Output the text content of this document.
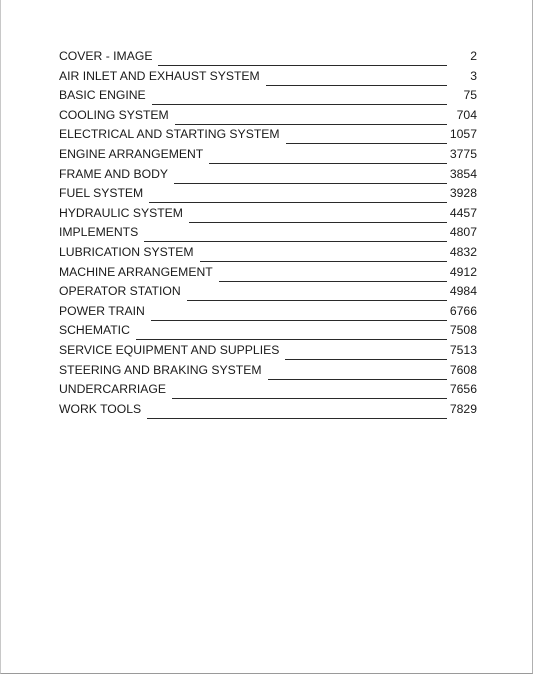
COVER - IMAGE	2
AIR INLET AND EXHAUST SYSTEM	3
BASIC ENGINE	75
COOLING SYSTEM	704
ELECTRICAL AND STARTING SYSTEM	1057
ENGINE ARRANGEMENT	3775
FRAME AND BODY	3854
FUEL SYSTEM	3928
HYDRAULIC SYSTEM	4457
IMPLEMENTS	4807
LUBRICATION SYSTEM	4832
MACHINE ARRANGEMENT	4912
OPERATOR STATION	4984
POWER TRAIN	6766
SCHEMATIC	7508
SERVICE EQUIPMENT AND SUPPLIES	7513
STEERING AND BRAKING SYSTEM	7608
UNDERCARRIAGE	7656
WORK TOOLS	7829
